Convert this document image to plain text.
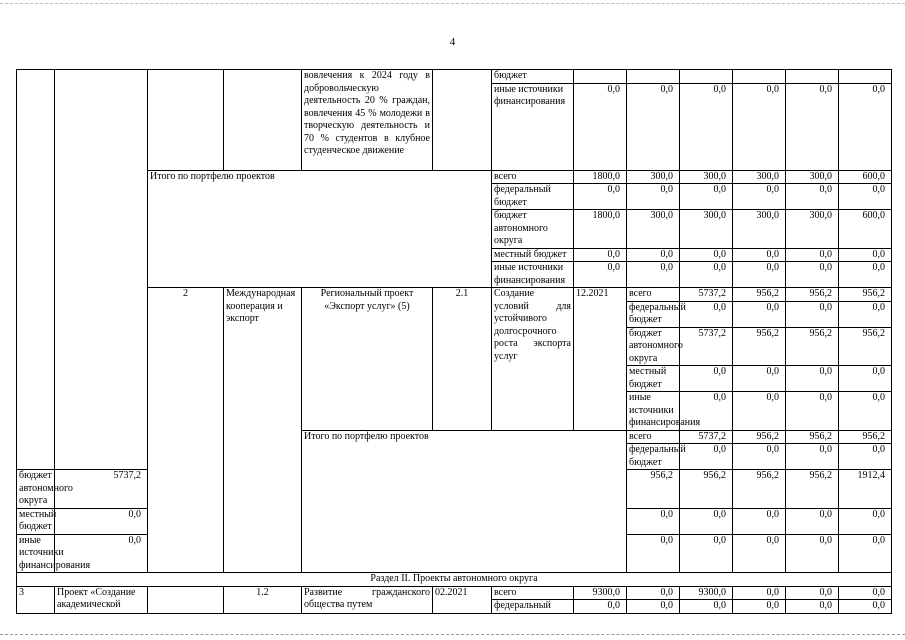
4
				вовлечения к 2024 году в добровольческую деятельность 20 % граждан, вовлечения 45 % молодежи в творческую деятельность и 70 % студентов в клубное студенческое движение		бюджет							
						иные источники финансирования	0,0	0,0	0,0	0,0	0,0	0,0	
		Итого по портфелю проектов				всего	1800,0	300,0	300,0	300,0	300,0	600,0	
						федеральный бюджет	0,0	0,0	0,0	0,0	0,0	0,0	
						бюджет автономного округа	1800,0	300,0	300,0	300,0	300,0	600,0	
						местный бюджет	0,0	0,0	0,0	0,0	0,0	0,0	
						иные источники финансирования	0,0	0,0	0,0	0,0	0,0	0,0	
		2	Международная кооперация и экспорт	Региональный проект «Экспорт услуг» (5)	2.1	Создание условий для устойчивого долгосрочного роста экспорта услуг	12.2021	всего	5737,2	956,2	956,2	956,2		
								федеральный бюджет	0,0	0,0	0,0	0,0		
								бюджет автономного округа	5737,2	956,2	956,2	956,2		
								местный бюджет	0,0	0,0	0,0	0,0		
								иные источники финансирования	0,0	0,0	0,0	0,0		
				Итого по портфелю проектов				всего	5737,2	956,2	956,2	956,2		
								федеральный бюджет	0,0	0,0	0,0	0,0		
бюджет автономного округа	5737,2							956,2	956,2	956,2	956,2	1912,4	
местный бюджет	0,0							0,0	0,0	0,0	0,0	0,0	
иные источники финансирования	0,0							0,0	0,0	0,0	0,0	0,0	
Раздел II. Проекты автономного округа													
3	Проект «Создание академической		1.2	Развитие гражданского общества путем	02.2021	всего	9300,0	0,0	9300,0	0,0	0,0	0,0	
						федеральный	0,0	0,0	0,0	0,0	0,0	0,0	
